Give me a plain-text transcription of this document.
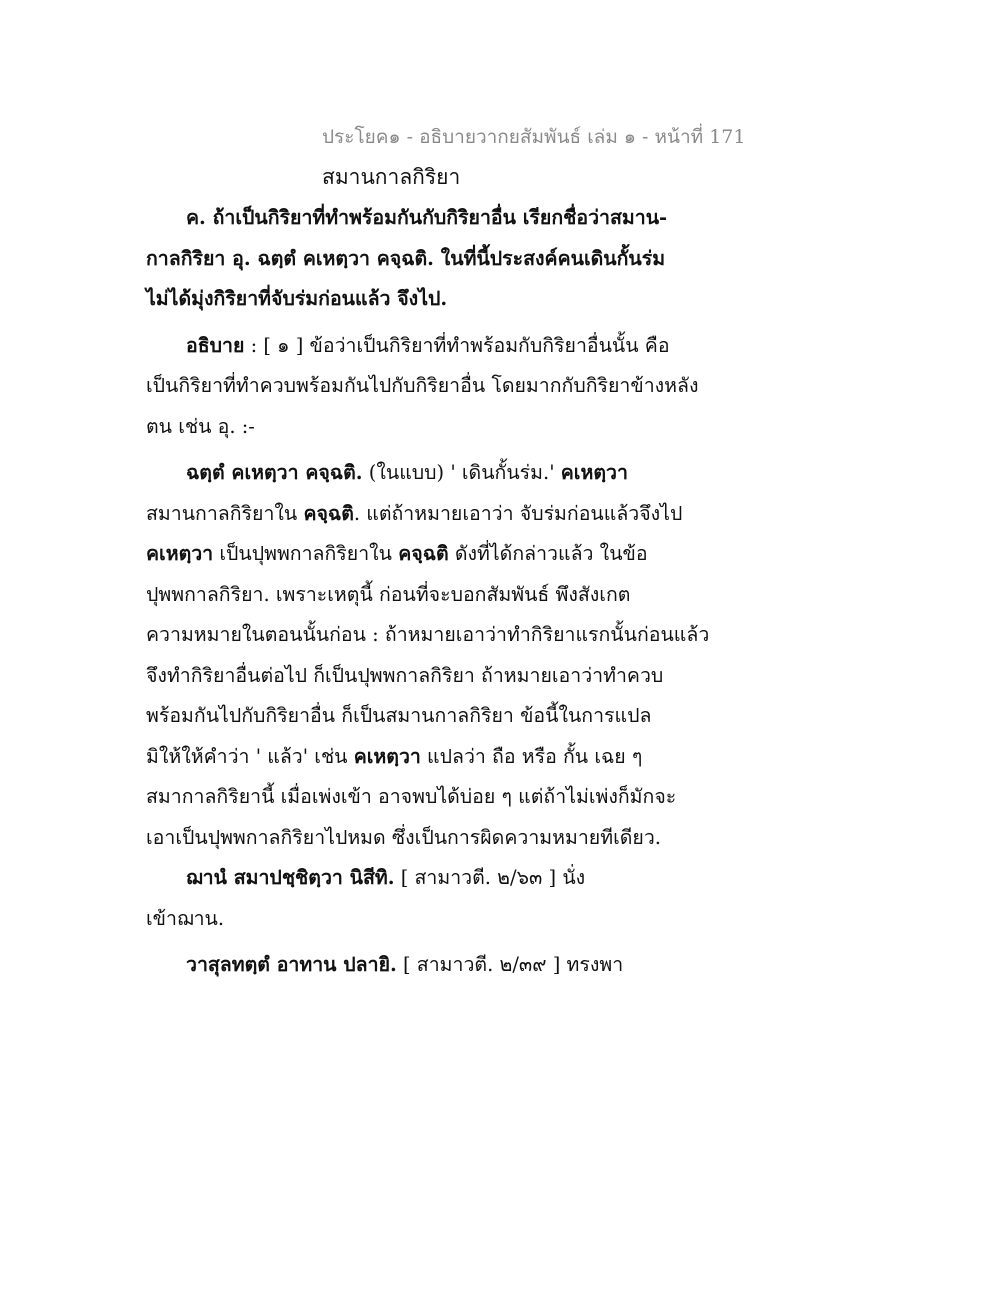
ประโยค๑ - อธิบายวากยสัมพันธ์ เล่ม ๑ - หน้าที่ 171
สมานกาลกิริยา
ค. ถ้าเป็นกิริยาที่ทำพร้อมกันกับกิริยาอื่น เรียกชื่อว่าสมาน-
กาลกิริยา อุ. ฉตฺตํ คเหตฺวา คจฺฉติ. ในที่นี้ประสงค์คนเดินกั้นร่ม
ไม่ได้มุ่งกิริยาที่จับร่มก่อนแล้ว จึงไป.
อธิบาย : [ ๑ ] ข้อว่าเป็นกิริยาที่ทำพร้อมกับกิริยาอื่นนั้น คือ
เป็นกิริยาที่ทำควบพร้อมกันไปกับกิริยาอื่น โดยมากกับกิริยาข้างหลัง
ตน เช่น อุ. :-
ฉตฺตํ คเหตฺวา คจฺฉติ. (ในแบบ) ' เดินกั้นร่ม.' คเหตฺวา
สมานกาลกิริยาใน คจฺฉติ. แต่ถ้าหมายเอาว่า จับร่มก่อนแล้วจึงไป
คเหตฺวา เป็นปุพพกาลกิริยาใน คจฺฉติ ดังที่ได้กล่าวแล้ว ในข้อ
ปุพพกาลกิริยา. เพราะเหตุนี้ ก่อนที่จะบอกสัมพันธ์ พึงสังเกต
ความหมายในตอนนั้นก่อน : ถ้าหมายเอาว่าทำกิริยาแรกนั้นก่อนแล้ว
จึงทำกิริยาอื่นต่อไป ก็เป็นปุพพกาลกิริยา ถ้าหมายเอาว่าทำควบ
พร้อมกันไปกับกิริยาอื่น ก็เป็นสมานกาลกิริยา ข้อนี้ในการแปล
มิให้ให้คำว่า ' แล้ว' เช่น คเหตฺวา แปลว่า ถือ หรือ กั้น เฉย ๆ
สมากาลกิริยานี้ เมื่อเพ่งเข้า อาจพบได้บ่อย ๆ แต่ถ้าไม่เพ่งก็มักจะ
เอาเป็นปุพพกาลกิริยาไปหมด ซึ่งเป็นการผิดความหมายทีเดียว.
ฌานํ สมาปชฺชิตฺวา นิสีทิ. [ สามาวตี. ๒/๖๓ ] นั่ง
เข้าฌาน.
วาสุลทตฺตํ อาทาน ปลายิ. [ สามาวตี. ๒/๓๙ ] ทรงพา
